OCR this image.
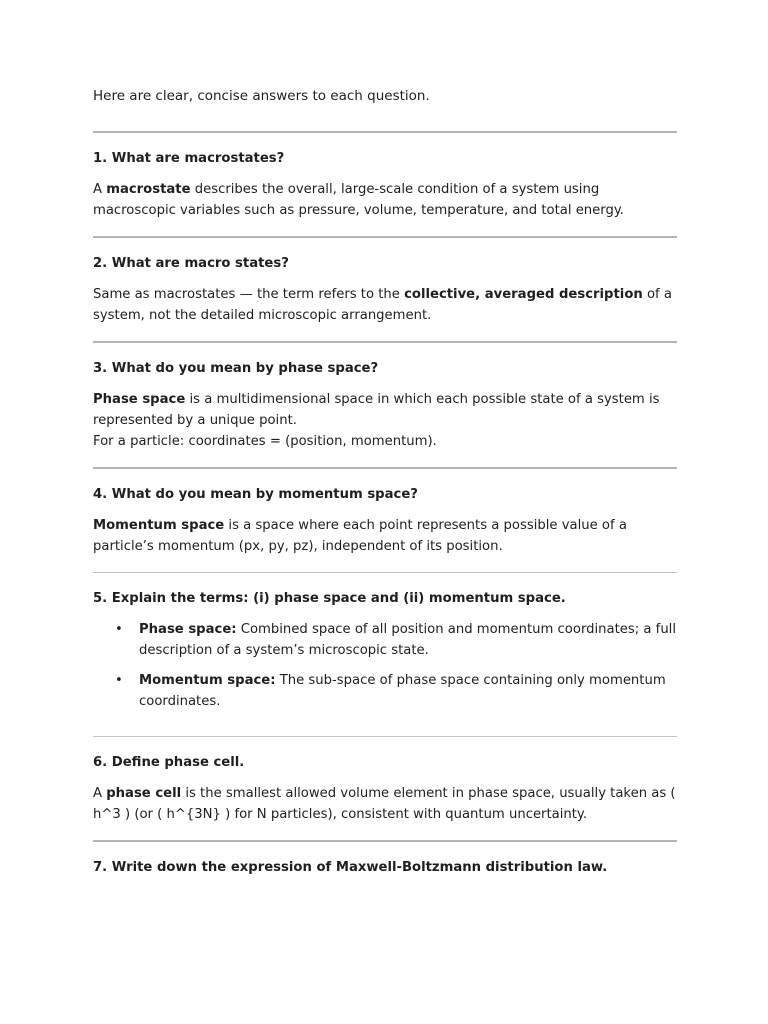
Here are clear, concise answers to each question.

1. What are macrostates?

A macrostate describes the overall, large-scale condition of a system using macroscopic variables such as pressure, volume, temperature, and total energy.

2. What are macro states?

Same as macrostates — the term refers to the collective, averaged description of a system, not the detailed microscopic arrangement.

3. What do you mean by phase space?

Phase space is a multidimensional space in which each possible state of a system is represented by a unique point.
For a particle: coordinates = (position, momentum).

4. What do you mean by momentum space?

Momentum space is a space where each point represents a possible value of a particle’s momentum (px, py, pz), independent of its position.

5. Explain the terms: (i) phase space and (ii) momentum space.

• Phase space: Combined space of all position and momentum coordinates; a full description of a system’s microscopic state.
• Momentum space: The sub-space of phase space containing only momentum coordinates.

6. Define phase cell.

A phase cell is the smallest allowed volume element in phase space, usually taken as ( h^3 ) (or ( h^{3N} ) for N particles), consistent with quantum uncertainty.

7. Write down the expression of Maxwell-Boltzmann distribution law.
